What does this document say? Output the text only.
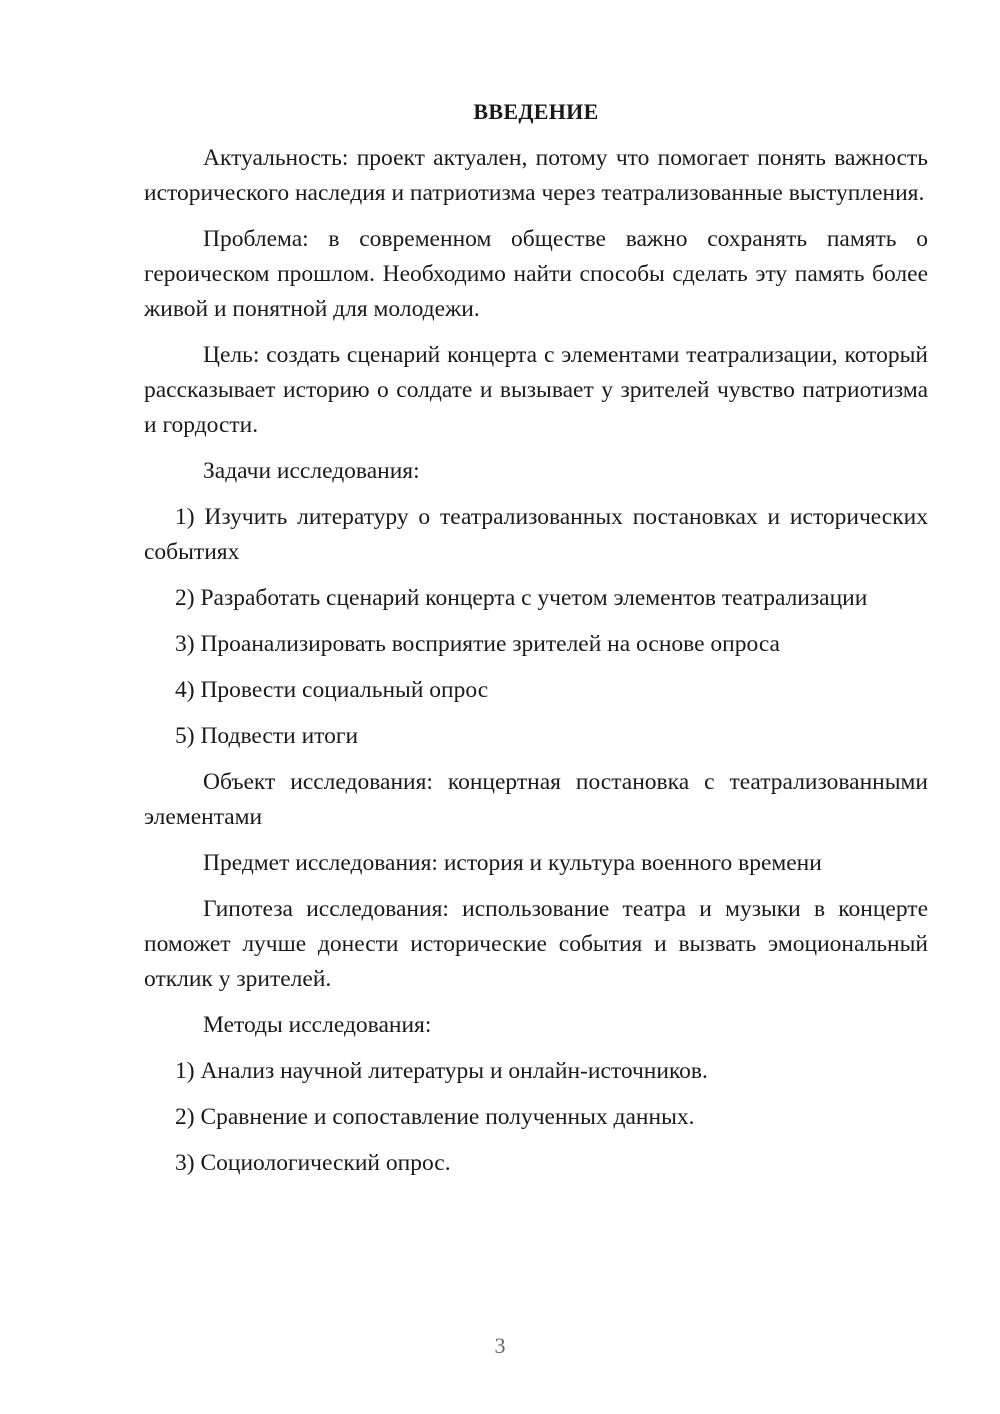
ВВЕДЕНИЕ
Актуальность: проект актуален, потому что помогает понять важность исторического наследия и патриотизма через театрализованные выступления.
Проблема: в современном обществе важно сохранять память о героическом прошлом. Необходимо найти способы сделать эту память более живой и понятной для молодежи.
Цель: создать сценарий концерта с элементами театрализации, который рассказывает историю о солдате и вызывает у зрителей чувство патриотизма и гордости.
Задачи исследования:
1) Изучить литературу о театрализованных постановках и исторических событиях
2) Разработать сценарий концерта с учетом элементов театрализации
3) Проанализировать восприятие зрителей на основе опроса
4) Провести социальный опрос
5) Подвести итоги
Объект исследования: концертная постановка с театрализованными элементами
Предмет исследования: история и культура военного времени
Гипотеза исследования: использование театра и музыки в концерте поможет лучше донести исторические события и вызвать эмоциональный отклик у зрителей.
Методы исследования:
1) Анализ научной литературы и онлайн-источников.
2) Сравнение и сопоставление полученных данных.
3) Социологический опрос.
3
